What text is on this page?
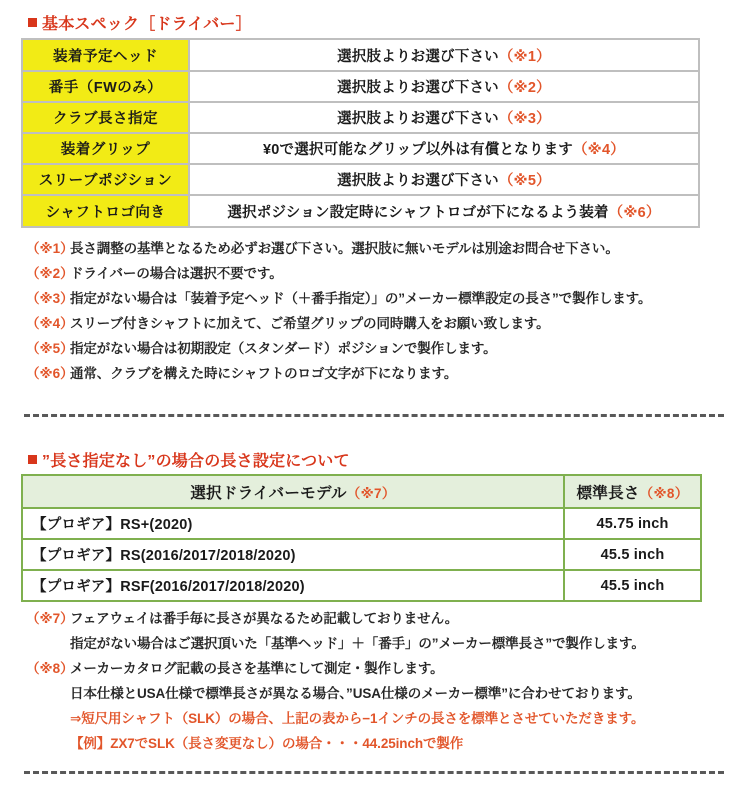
基本スペック［ドライバー］
装着予定ヘッド	選択肢よりお選び下さい（※1）
番手（FWのみ）	選択肢よりお選び下さい（※2）
クラブ長さ指定	選択肢よりお選び下さい（※3）
装着グリップ	¥0で選択可能なグリップ以外は有償となります（※4）
スリーブポジション	選択肢よりお選び下さい（※5）
シャフトロゴ向き	選択ポジション設定時にシャフトロゴが下になるよう装着（※6）
（※1）
長さ調整の基準となるため必ずお選び下さい。選択肢に無いモデルは別途お問合せ下さい。
（※2）
ドライバーの場合は選択不要です。
（※3）
指定がない場合は「装着予定ヘッド（＋番手指定）」の”メーカー標準設定の長さ”で製作します。
（※4）
スリーブ付きシャフトに加えて、ご希望グリップの同時購入をお願い致します。
（※5）
指定がない場合は初期設定（スタンダード）ポジションで製作します。
（※6）
通常、クラブを構えた時にシャフトのロゴ文字が下になります。
”長さ指定なし”の場合の長さ設定について
選択ドライバーモデル（※7）	標準長さ（※8）
【プロギア】RS+(2020)	45.75 inch
【プロギア】RS(2016/2017/2018/2020)	45.5 inch
【プロギア】RSF(2016/2017/2018/2020)	45.5 inch
（※7）
フェアウェイは番手毎に長さが異なるため記載しておりません。
指定がない場合はご選択頂いた「基準ヘッド」＋「番手」の”メーカー標準長さ”で製作します。
（※8）
メーカーカタログ記載の長さを基準にして測定・製作します。
日本仕様とUSA仕様で標準長さが異なる場合、”USA仕様のメーカー標準”に合わせております。
⇒短尺用シャフト（SLK）の場合、上記の表から−1インチの長さを標準とさせていただきます。
【例】ZX7でSLK（長さ変更なし）の場合・・・44.25inchで製作
